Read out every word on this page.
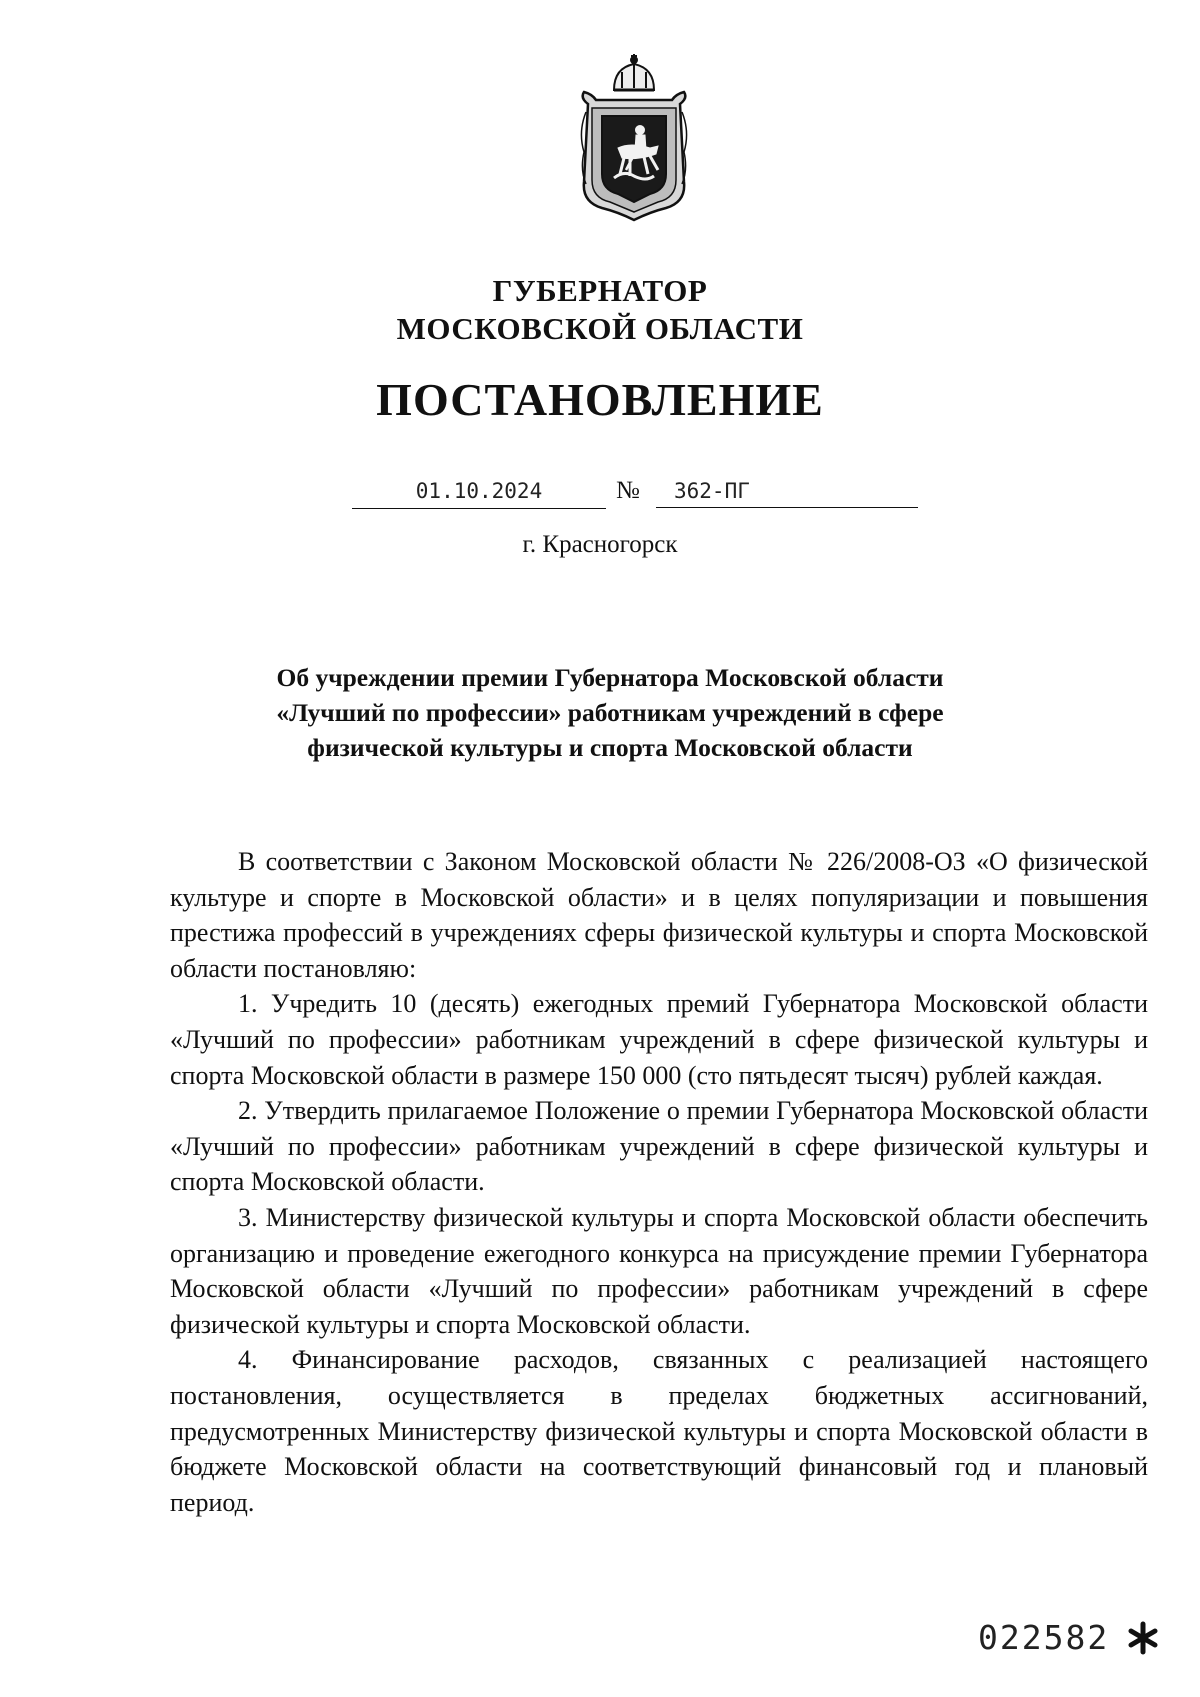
ГУБЕРНАТОР
МОСКОВСКОЙ ОБЛАСТИ
ПОСТАНОВЛЕНИЕ
01.10.2024	№	362-ПГ
г. Красногорск
Об учреждении премии Губернатора Московской области
«Лучший по профессии» работникам учреждений в сфере
физической культуры и спорта Московской области

В соответствии с Законом Московской области № 226/2008-ОЗ «О физической культуре и спорте в Московской области» и в целях популяризации и повышения престижа профессий в учреждениях сферы физической культуры и спорта Московской области постановляю:

1. Учредить 10 (десять) ежегодных премий Губернатора Московской области «Лучший по профессии» работникам учреждений в сфере физической культуры и спорта Московской области в размере 150 000 (сто пятьдесят тысяч) рублей каждая.

2. Утвердить прилагаемое Положение о премии Губернатора Московской области «Лучший по профессии» работникам учреждений в сфере физической культуры и спорта Московской области.

3. Министерству физической культуры и спорта Московской области обеспечить организацию и проведение ежегодного конкурса на присуждение премии Губернатора Московской области «Лучший по профессии» работникам учреждений в сфере физической культуры и спорта Московской области.

4. Финансирование расходов, связанных с реализацией настоящего постановления, осуществляется в пределах бюджетных ассигнований, предусмотренных Министерству физической культуры и спорта Московской области в бюджете Московской области на соответствующий финансовый год и плановый период.

022582
